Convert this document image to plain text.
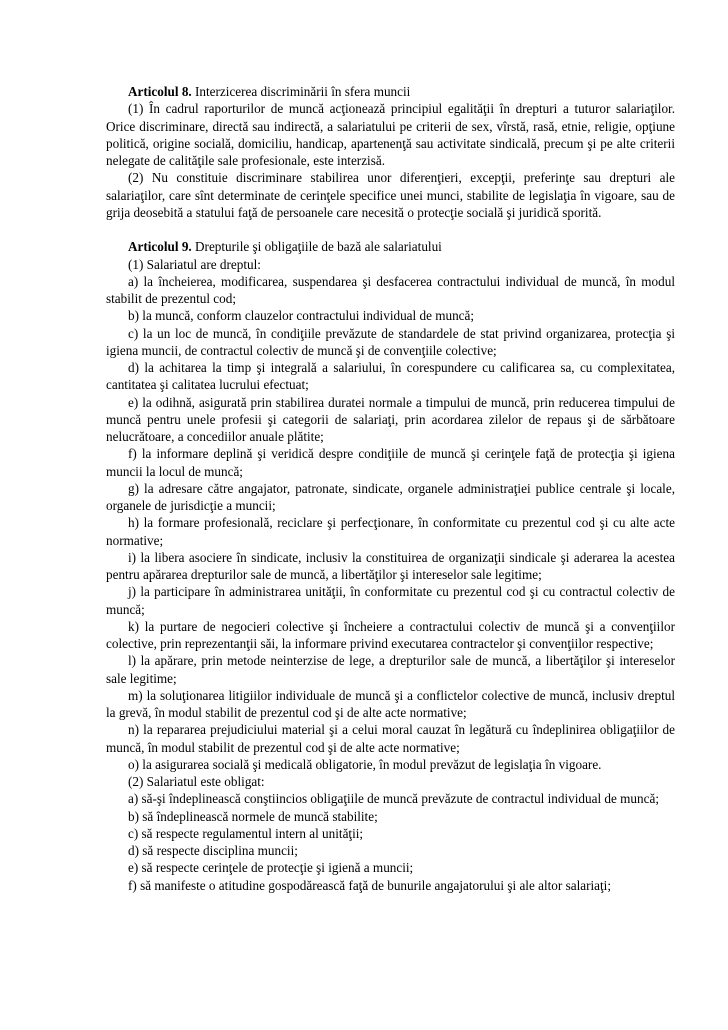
Articolul 8. Interzicerea discriminării în sfera muncii

(1) În cadrul raporturilor de muncă acţionează principiul egalităţii în drepturi a tuturor salariaţilor. Orice discriminare, directă sau indirectă, a salariatului pe criterii de sex, vîrstă, rasă, etnie, religie, opţiune politică, origine socială, domiciliu, handicap, apartenenţă sau activitate sindicală, precum şi pe alte criterii nelegate de calităţile sale profesionale, este interzisă.

(2) Nu constituie discriminare stabilirea unor diferenţieri, excepţii, preferinţe sau drepturi ale salariaţilor, care sînt determinate de cerinţele specifice unei munci, stabilite de legislaţia în vigoare, sau de grija deosebită a statului faţă de persoanele care necesită o protecţie socială şi juridică sporită.

Articolul 9. Drepturile şi obligaţiile de bază ale salariatului

(1) Salariatul are dreptul:

a) la încheierea, modificarea, suspendarea şi desfacerea contractului individual de muncă, în modul stabilit de prezentul cod;

b) la muncă, conform clauzelor contractului individual de muncă;

c) la un loc de muncă, în condiţiile prevăzute de standardele de stat privind organizarea, protecţia şi igiena muncii, de contractul colectiv de muncă şi de convenţiile colective;

d) la achitarea la timp şi integrală a salariului, în corespundere cu calificarea sa, cu complexitatea, cantitatea şi calitatea lucrului efectuat;

e) la odihnă, asigurată prin stabilirea duratei normale a timpului de muncă, prin reducerea timpului de muncă pentru unele profesii şi categorii de salariaţi, prin acordarea zilelor de repaus şi de sărbătoare nelucrătoare, a concediilor anuale plătite;

f) la informare deplină şi veridică despre condiţiile de muncă şi cerinţele faţă de protecţia şi igiena muncii la locul de muncă;

g) la adresare către angajator, patronate, sindicate, organele administraţiei publice centrale şi locale, organele de jurisdicţie a muncii;

h) la formare profesională, reciclare şi perfecţionare, în conformitate cu prezentul cod şi cu alte acte normative;

i) la libera asociere în sindicate, inclusiv la constituirea de organizaţii sindicale şi aderarea la acestea pentru apărarea drepturilor sale de muncă, a libertăţilor şi intereselor sale legitime;

j) la participare în administrarea unităţii, în conformitate cu prezentul cod şi cu contractul colectiv de muncă;

k) la purtare de negocieri colective şi încheiere a contractului colectiv de muncă şi a convenţiilor colective, prin reprezentanţii săi, la informare privind executarea contractelor şi convenţiilor respective;

l) la apărare, prin metode neinterzise de lege, a drepturilor sale de muncă, a libertăţilor şi intereselor sale legitime;

m) la soluţionarea litigiilor individuale de muncă şi a conflictelor colective de muncă, inclusiv dreptul la grevă, în modul stabilit de prezentul cod şi de alte acte normative;

n) la repararea prejudiciului material şi a celui moral cauzat în legătură cu îndeplinirea obligaţiilor de muncă, în modul stabilit de prezentul cod şi de alte acte normative;

o) la asigurarea socială şi medicală obligatorie, în modul prevăzut de legislaţia în vigoare.

(2) Salariatul este obligat:

a) să-şi îndeplinească conştiincios obligaţiile de muncă prevăzute de contractul individual de muncă;

b) să îndeplinească normele de muncă stabilite;

c) să respecte regulamentul intern al unităţii;

d) să respecte disciplina muncii;

e) să respecte cerinţele de protecţie şi igienă a muncii;

f) să manifeste o atitudine gospodărească faţă de bunurile angajatorului şi ale altor salariaţi;
